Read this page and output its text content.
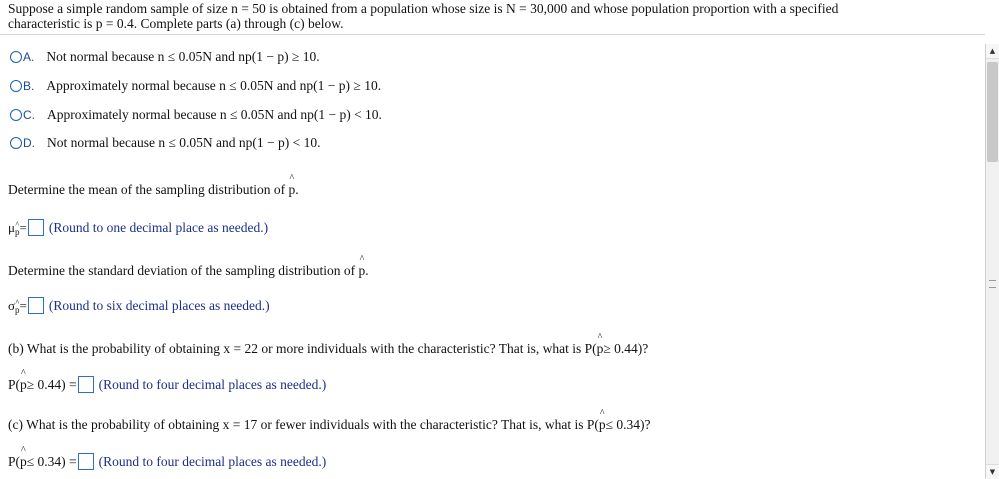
Suppose a simple random sample of size n = 50 is obtained from a population whose size is N = 30,000 and whose population proportion with a specified
characteristic is p = 0.4. Complete parts (a) through (c) below.
A. Not normal because n ≤ 0.05N and np(1 − p) ≥ 10.
B. Approximately normal because n ≤ 0.05N and np(1 − p) ≥ 10.
C. Approximately normal because n ≤ 0.05N and np(1 − p) < 10.
D. Not normal because n ≤ 0.05N and np(1 − p) < 10.
Determine the mean of the sampling distribution of
^ p .
μ ^ p = (Round to one decimal place as needed.)
Determine the standard deviation of the sampling distribution of
^ p .
σ ^ p = (Round to six decimal places as needed.)
(b) What is the probability of obtaining x = 22 or more individuals with the characteristic? That is, what is P( ^ p ≥ 0.44)?
P( ^ p ≥ 0.44) = (Round to four decimal places as needed.)
(c) What is the probability of obtaining x = 17 or fewer individuals with the characteristic? That is, what is P( ^ p ≤ 0.34)?
P( ^ p ≤ 0.34) = (Round to four decimal places as needed.)
▲
▼
